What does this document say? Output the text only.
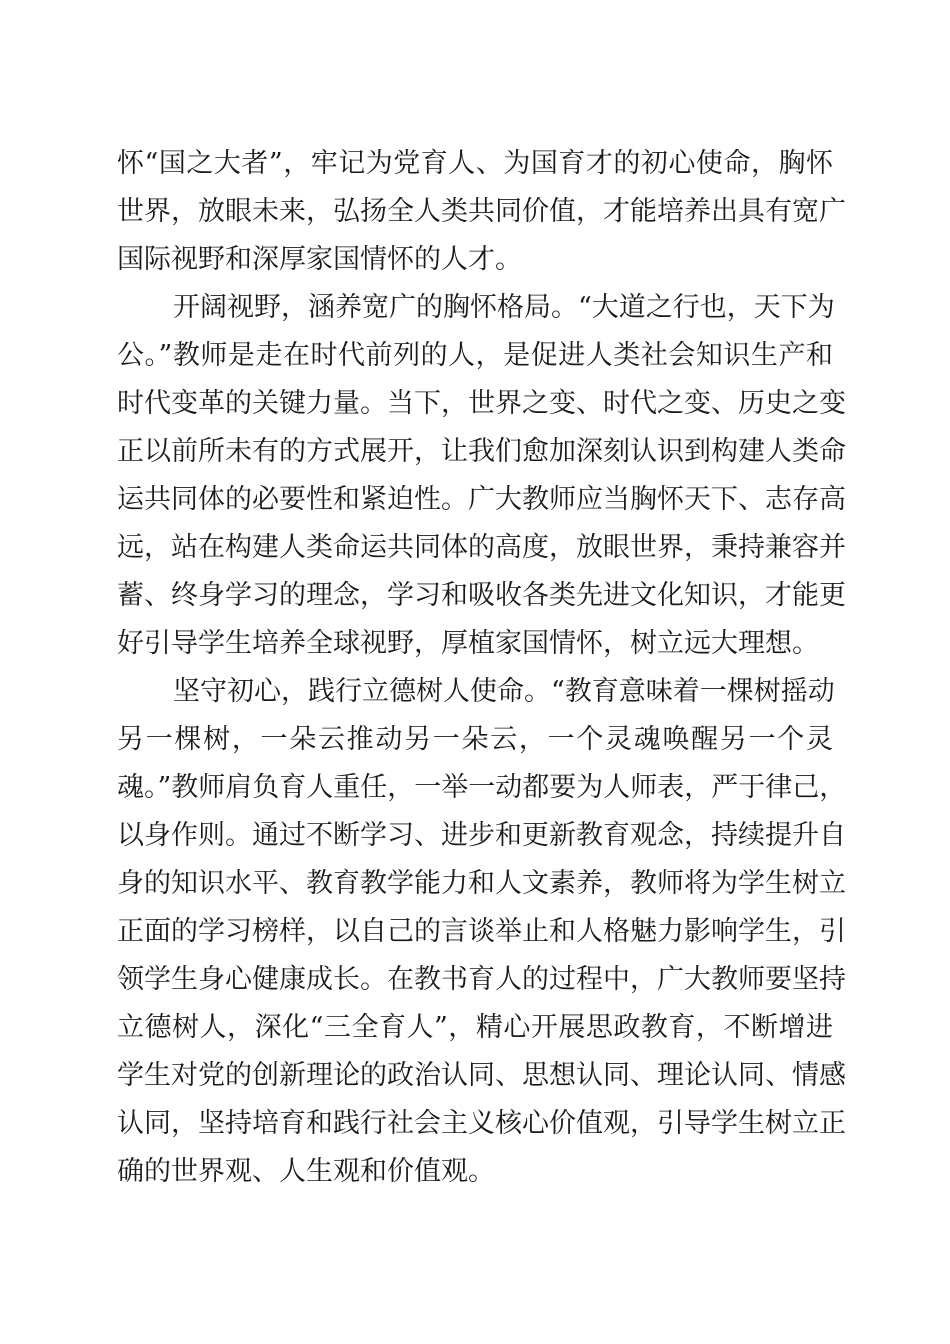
怀“国之大者”，牢记为党育人、为国育才的初心使命，胸怀
世界，放眼未来，弘扬全人类共同价值，才能培养出具有宽广
国际视野和深厚家国情怀的人才。
开阔视野，涵养宽广的胸怀格局。“大道之行也，天下为
公。”教师是走在时代前列的人，是促进人类社会知识生产和
时代变革的关键力量。当下，世界之变、时代之变、历史之变
正以前所未有的方式展开，让我们愈加深刻认识到构建人类命
运共同体的必要性和紧迫性。广大教师应当胸怀天下、志存高
远，站在构建人类命运共同体的高度，放眼世界，秉持兼容并
蓄、终身学习的理念，学习和吸收各类先进文化知识，才能更
好引导学生培养全球视野，厚植家国情怀，树立远大理想。
坚守初心，践行立德树人使命。“教育意味着一棵树摇动
另一棵树，一朵云推动另一朵云，一个灵魂唤醒另一个灵
魂。”教师肩负育人重任，一举一动都要为人师表，严于律己，
以身作则。通过不断学习、进步和更新教育观念，持续提升自
身的知识水平、教育教学能力和人文素养，教师将为学生树立
正面的学习榜样，以自己的言谈举止和人格魅力影响学生，引
领学生身心健康成长。在教书育人的过程中，广大教师要坚持
立德树人，深化“三全育人”，精心开展思政教育，不断增进
学生对党的创新理论的政治认同、思想认同、理论认同、情感
认同，坚持培育和践行社会主义核心价值观，引导学生树立正
确的世界观、人生观和价值观。
